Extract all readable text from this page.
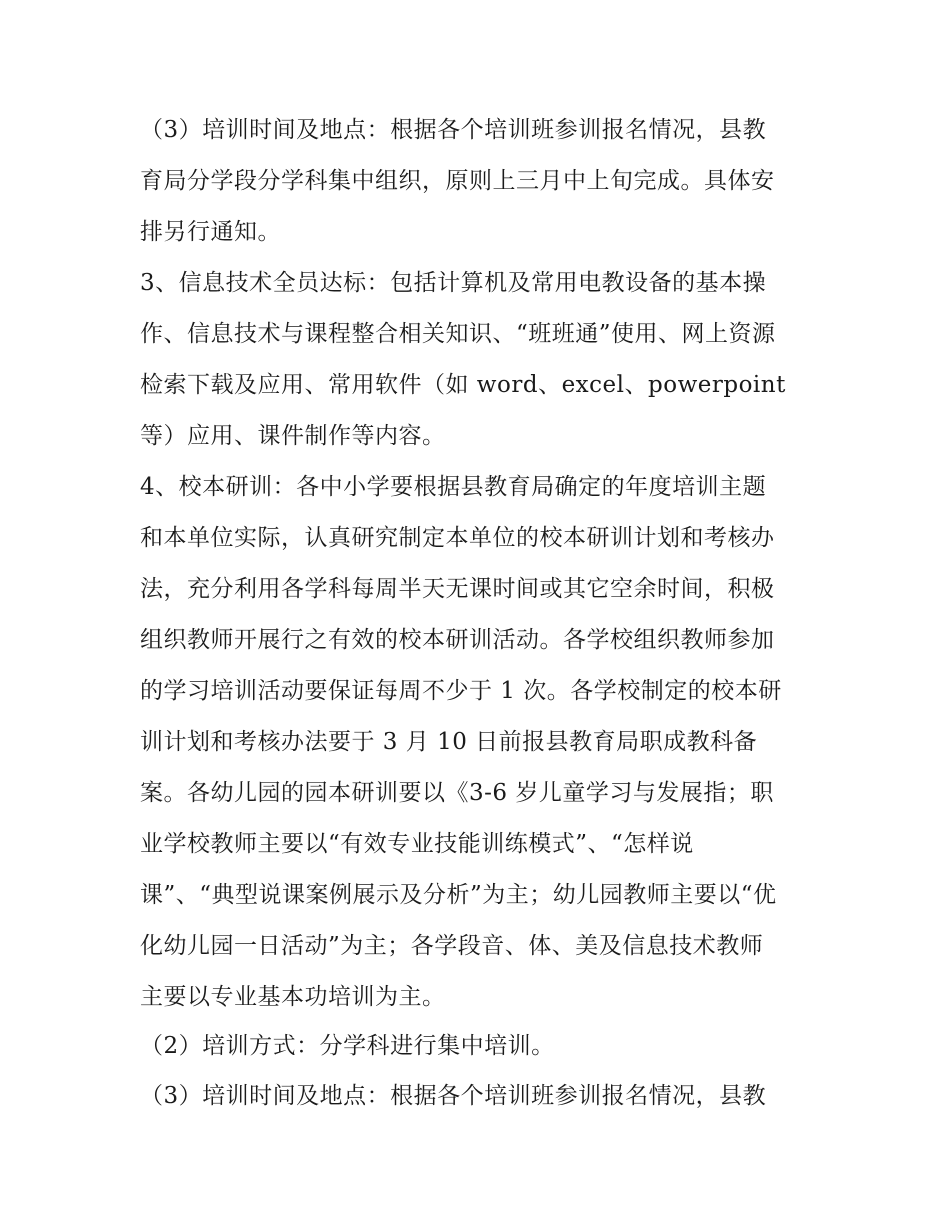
（3）培训时间及地点：根据各个培训班参训报名情况，县教
育局分学段分学科集中组织，原则上三月中上旬完成。具体安
排另行通知。
3、信息技术全员达标：包括计算机及常用电教设备的基本操
作、信息技术与课程整合相关知识、“班班通”使用、网上资源
检索下载及应用、常用软件（如 word、excel、powerpoint
等）应用、课件制作等内容。
4、校本研训：各中小学要根据县教育局确定的年度培训主题
和本单位实际，认真研究制定本单位的校本研训计划和考核办
法，充分利用各学科每周半天无课时间或其它空余时间，积极
组织教师开展行之有效的校本研训活动。各学校组织教师参加
的学习培训活动要保证每周不少于 1 次。各学校制定的校本研
训计划和考核办法要于 3 月 10 日前报县教育局职成教科备
案。各幼儿园的园本研训要以《3-6 岁儿童学习与发展指；职
业学校教师主要以“有效专业技能训练模式”、“怎样说
课”、“典型说课案例展示及分析”为主；幼儿园教师主要以“优
化幼儿园一日活动”为主；各学段音、体、美及信息技术教师
主要以专业基本功培训为主。
（2）培训方式：分学科进行集中培训。
（3）培训时间及地点：根据各个培训班参训报名情况，县教
